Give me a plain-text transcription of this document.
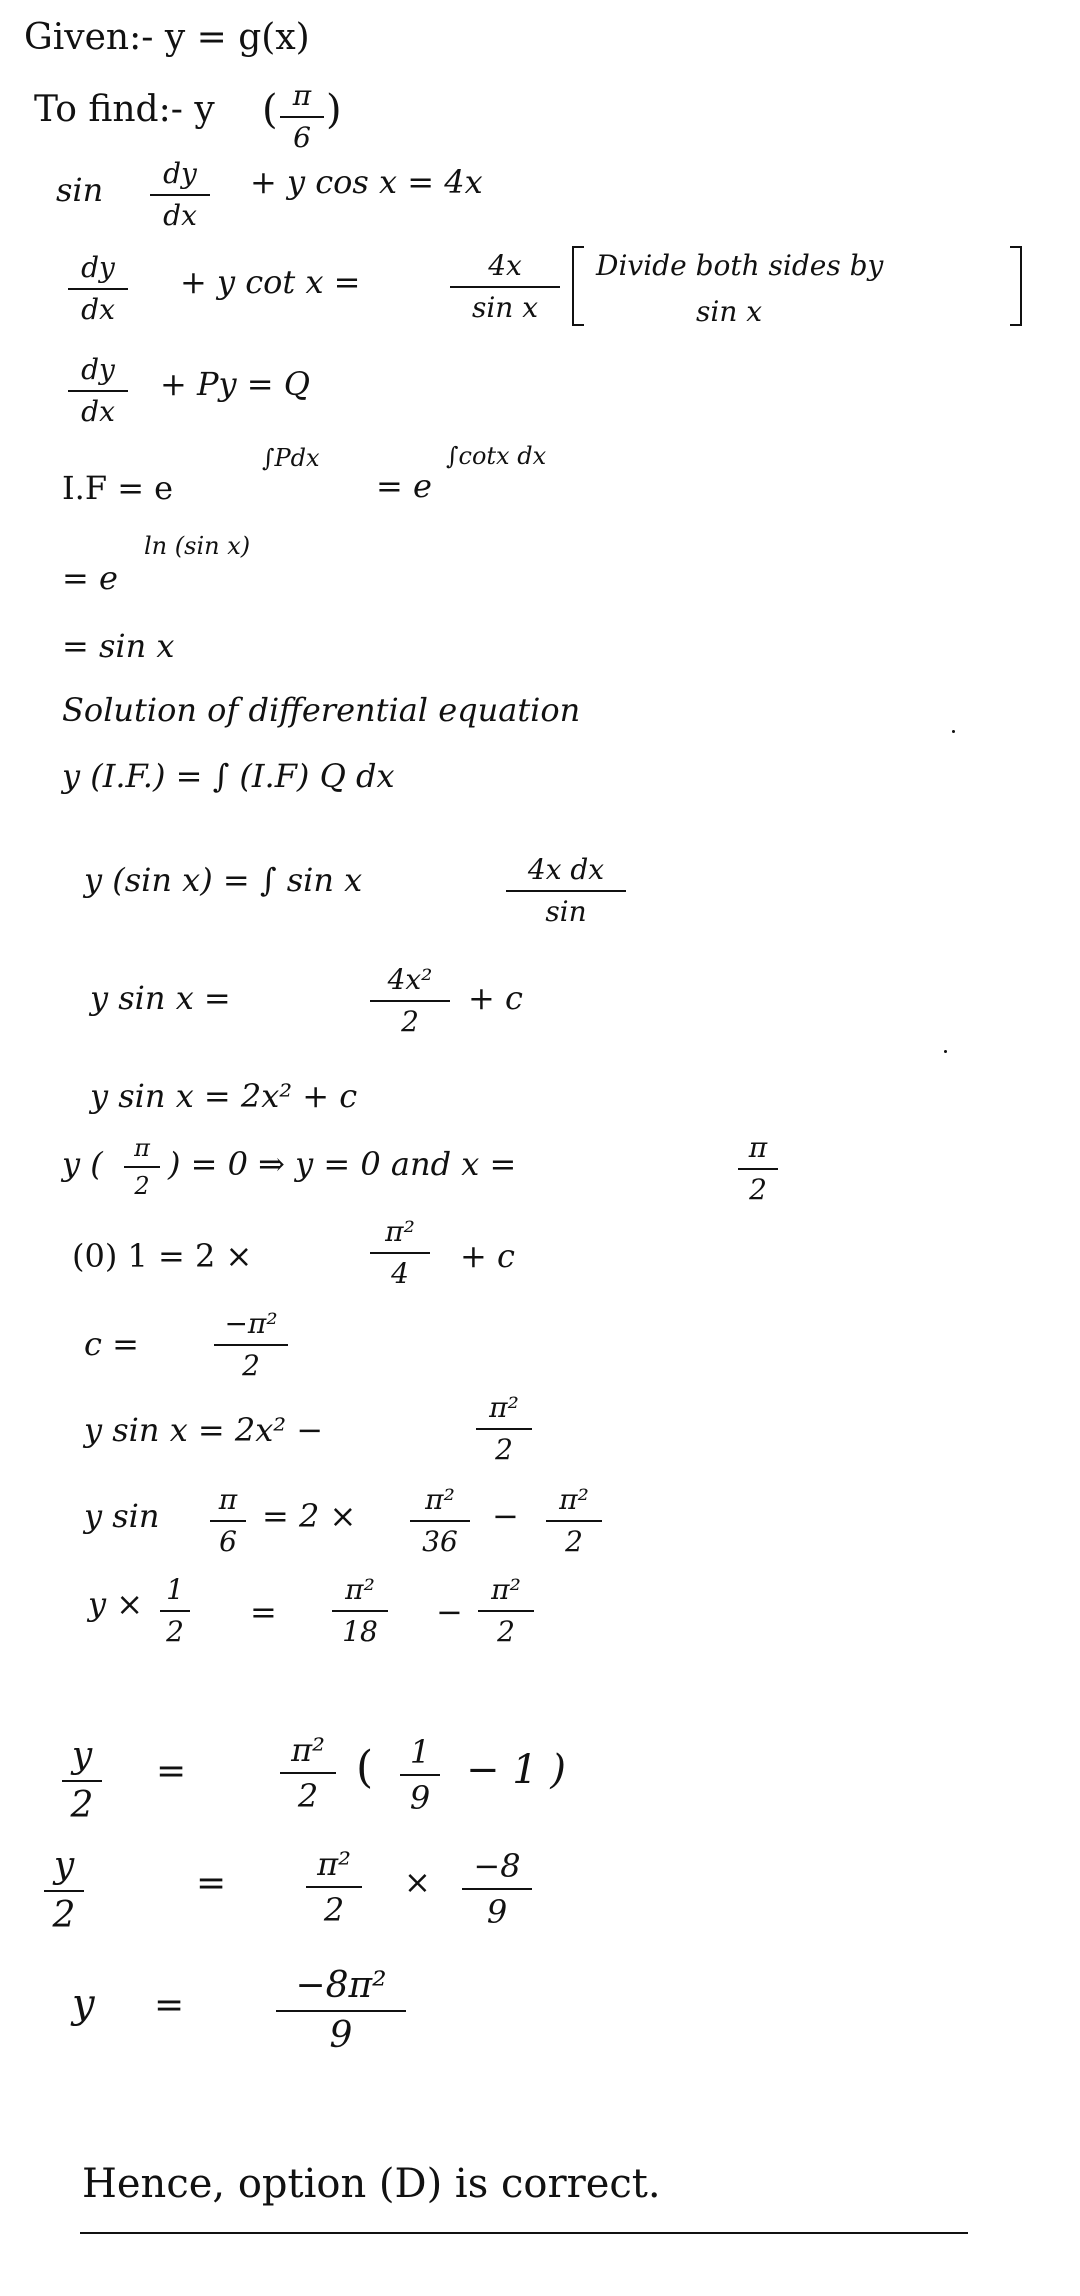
Given:- y = g(x)
To find:- y ( π
6
)
sin	dy
dx
+ y cos x = 4x
dy
dx
+ y cot x =	4x
sin x
Divide both sides by
sin x
dy
dx
+ Py = Q
I.F = e
∫Pdx
= e
∫cotx dx
= e
ln (sin x)
= sin x
Solution of differential equation
y (I.F.) = ∫ (I.F) Q dx
y (sin x) = ∫ sin x	4x dx
sin
y sin x =	4x²
2
+ c
y sin x = 2x² + c
y (	π
2
) = 0 ⇒ y = 0 and x =	π
2
(0) 1 = 2 ×
π²
4	+ c
c =
−π²
2
y sin x = 2x² −
π²
2
y sin	π
6
= 2 ×	π²
36
−	π²
2
y × 1
2
=
π²
18
−
π²
2
y
2
=
π²
2
(	1
9
− 1 )
y
2
=	π²
2
×	−8
9
y =	−8π²
9
Hence, option (D) is correct.
